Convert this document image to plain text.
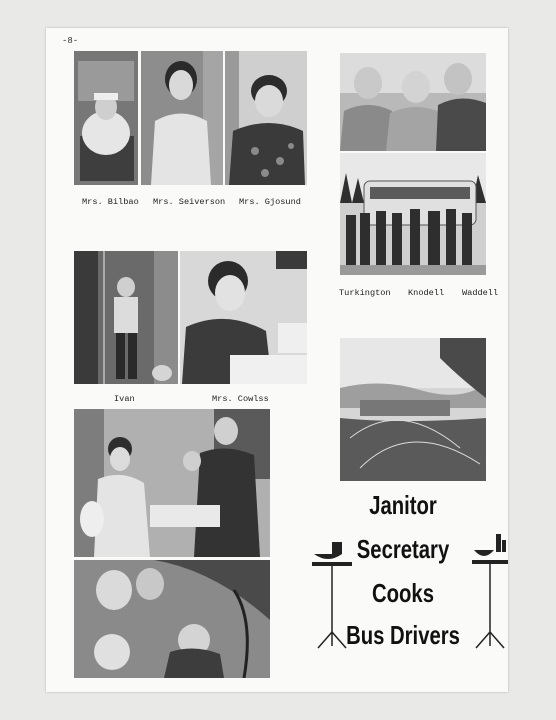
-8-
Mrs. Bilbao Mrs. Seiverson Mrs. Gjosund
Turkington Knodell Waddell
Ivan	Mrs. Cowlss
Janitor
Secretary
Cooks
Bus Drivers
